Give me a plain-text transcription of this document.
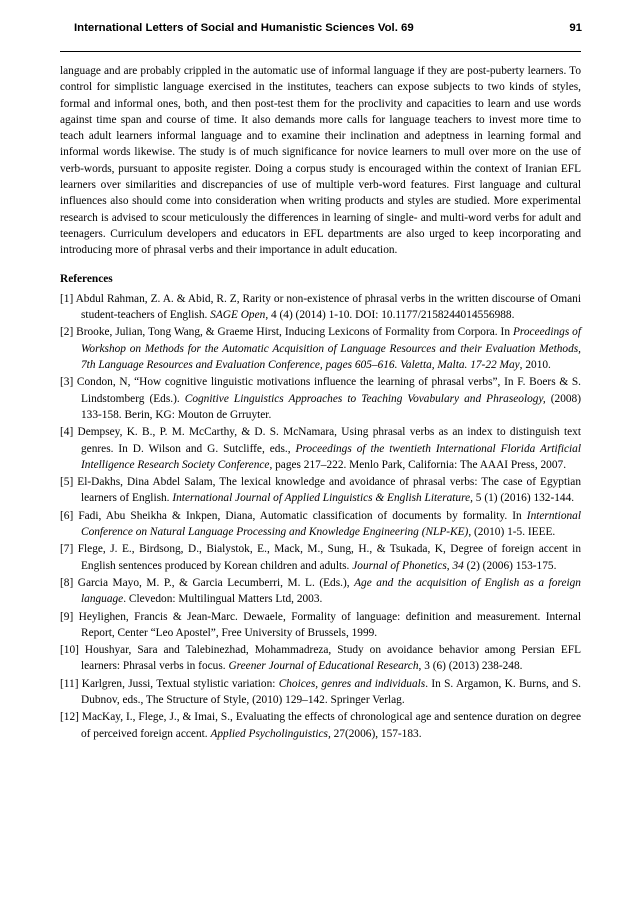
International Letters of Social and Humanistic Sciences Vol. 69	91

language and are probably crippled in the automatic use of informal language if they are post-puberty learners. To control for simplistic language exercised in the institutes, teachers can expose subjects to two kinds of styles, formal and informal ones, both, and then post-test them for the proclivity and capacities to learn and use words against time span and course of time. It also demands more calls for language teachers to invest more time to teach adult learners informal language and to examine their inclination and adeptness in learning formal and informal words likewise. The study is of much significance for novice learners to mull over more on the use of verb-words, pursuant to apposite register. Doing a corpus study is encouraged within the context of Iranian EFL learners over similarities and discrepancies of use of multiple verb-word features. First language and cultural influences also should come into consideration when writing products and styles are studied. More experimental research is advised to scour meticulously the differences in learning of single- and multi-word verbs for adult and teenagers. Curriculum developers and educators in EFL departments are also urged to keep incorporating and introducing more of phrasal verbs and their importance in adult education.

References
[1] Abdul Rahman, Z. A. & Abid, R. Z, Rarity or non-existence of phrasal verbs in the written discourse of Omani student-teachers of English. SAGE Open, 4 (4) (2014) 1-10. DOI: 10.1177/2158244014556988.
[2] Brooke, Julian, Tong Wang, & Graeme Hirst, Inducing Lexicons of Formality from Corpora. In Proceedings of Workshop on Methods for the Automatic Acquisition of Language Resources and their Evaluation Methods, 7th Language Resources and Evaluation Conference, pages 605–616. Valetta, Malta. 17-22 May, 2010.
[3] Condon, N, “How cognitive linguistic motivations influence the learning of phrasal verbs”, In F. Boers & S. Lindstomberg (Eds.). Cognitive Linguistics Approaches to Teaching Vovabulary and Phraseology, (2008) 133-158. Berin, KG: Mouton de Grruyter.
[4] Dempsey, K. B., P. M. McCarthy, & D. S. McNamara, Using phrasal verbs as an index to distinguish text genres. In D. Wilson and G. Sutcliffe, eds., Proceedings of the twentieth International Florida Artificial Intelligence Research Society Conference, pages 217–222. Menlo Park, California: The AAAI Press, 2007.
[5] El-Dakhs, Dina Abdel Salam, The lexical knowledge and avoidance of phrasal verbs: The case of Egyptian learners of English. International Journal of Applied Linguistics & English Literature, 5 (1) (2016) 132-144.
[6] Fadi, Abu Sheikha & Inkpen, Diana, Automatic classification of documents by formality. In Interntional Conference on Natural Language Processing and Knowledge Engineering (NLP-KE), (2010) 1-5. IEEE.
[7] Flege, J. E., Birdsong, D., Bialystok, E., Mack, M., Sung, H., & Tsukada, K, Degree of foreign accent in English sentences produced by Korean children and adults. Journal of Phonetics, 34 (2) (2006) 153-175.
[8] Garcia Mayo, M. P., & Garcia Lecumberri, M. L. (Eds.), Age and the acquisition of English as a foreign language. Clevedon: Multilingual Matters Ltd, 2003.
[9] Heylighen, Francis & Jean-Marc. Dewaele, Formality of language: definition and measurement. Internal Report, Center “Leo Apostel”, Free University of Brussels, 1999.
[10] Houshyar, Sara and Talebinezhad, Mohammadreza, Study on avoidance behavior among Persian EFL learners: Phrasal verbs in focus. Greener Journal of Educational Research, 3 (6) (2013) 238-248.
[11] Karlgren, Jussi, Textual stylistic variation: Choices, genres and individuals. In S. Argamon, K. Burns, and S. Dubnov, eds., The Structure of Style, (2010) 129–142. Springer Verlag.
[12] MacKay, I., Flege, J., & Imai, S., Evaluating the effects of chronological age and sentence duration on degree of perceived foreign accent. Applied Psycholinguistics, 27(2006), 157-183.
